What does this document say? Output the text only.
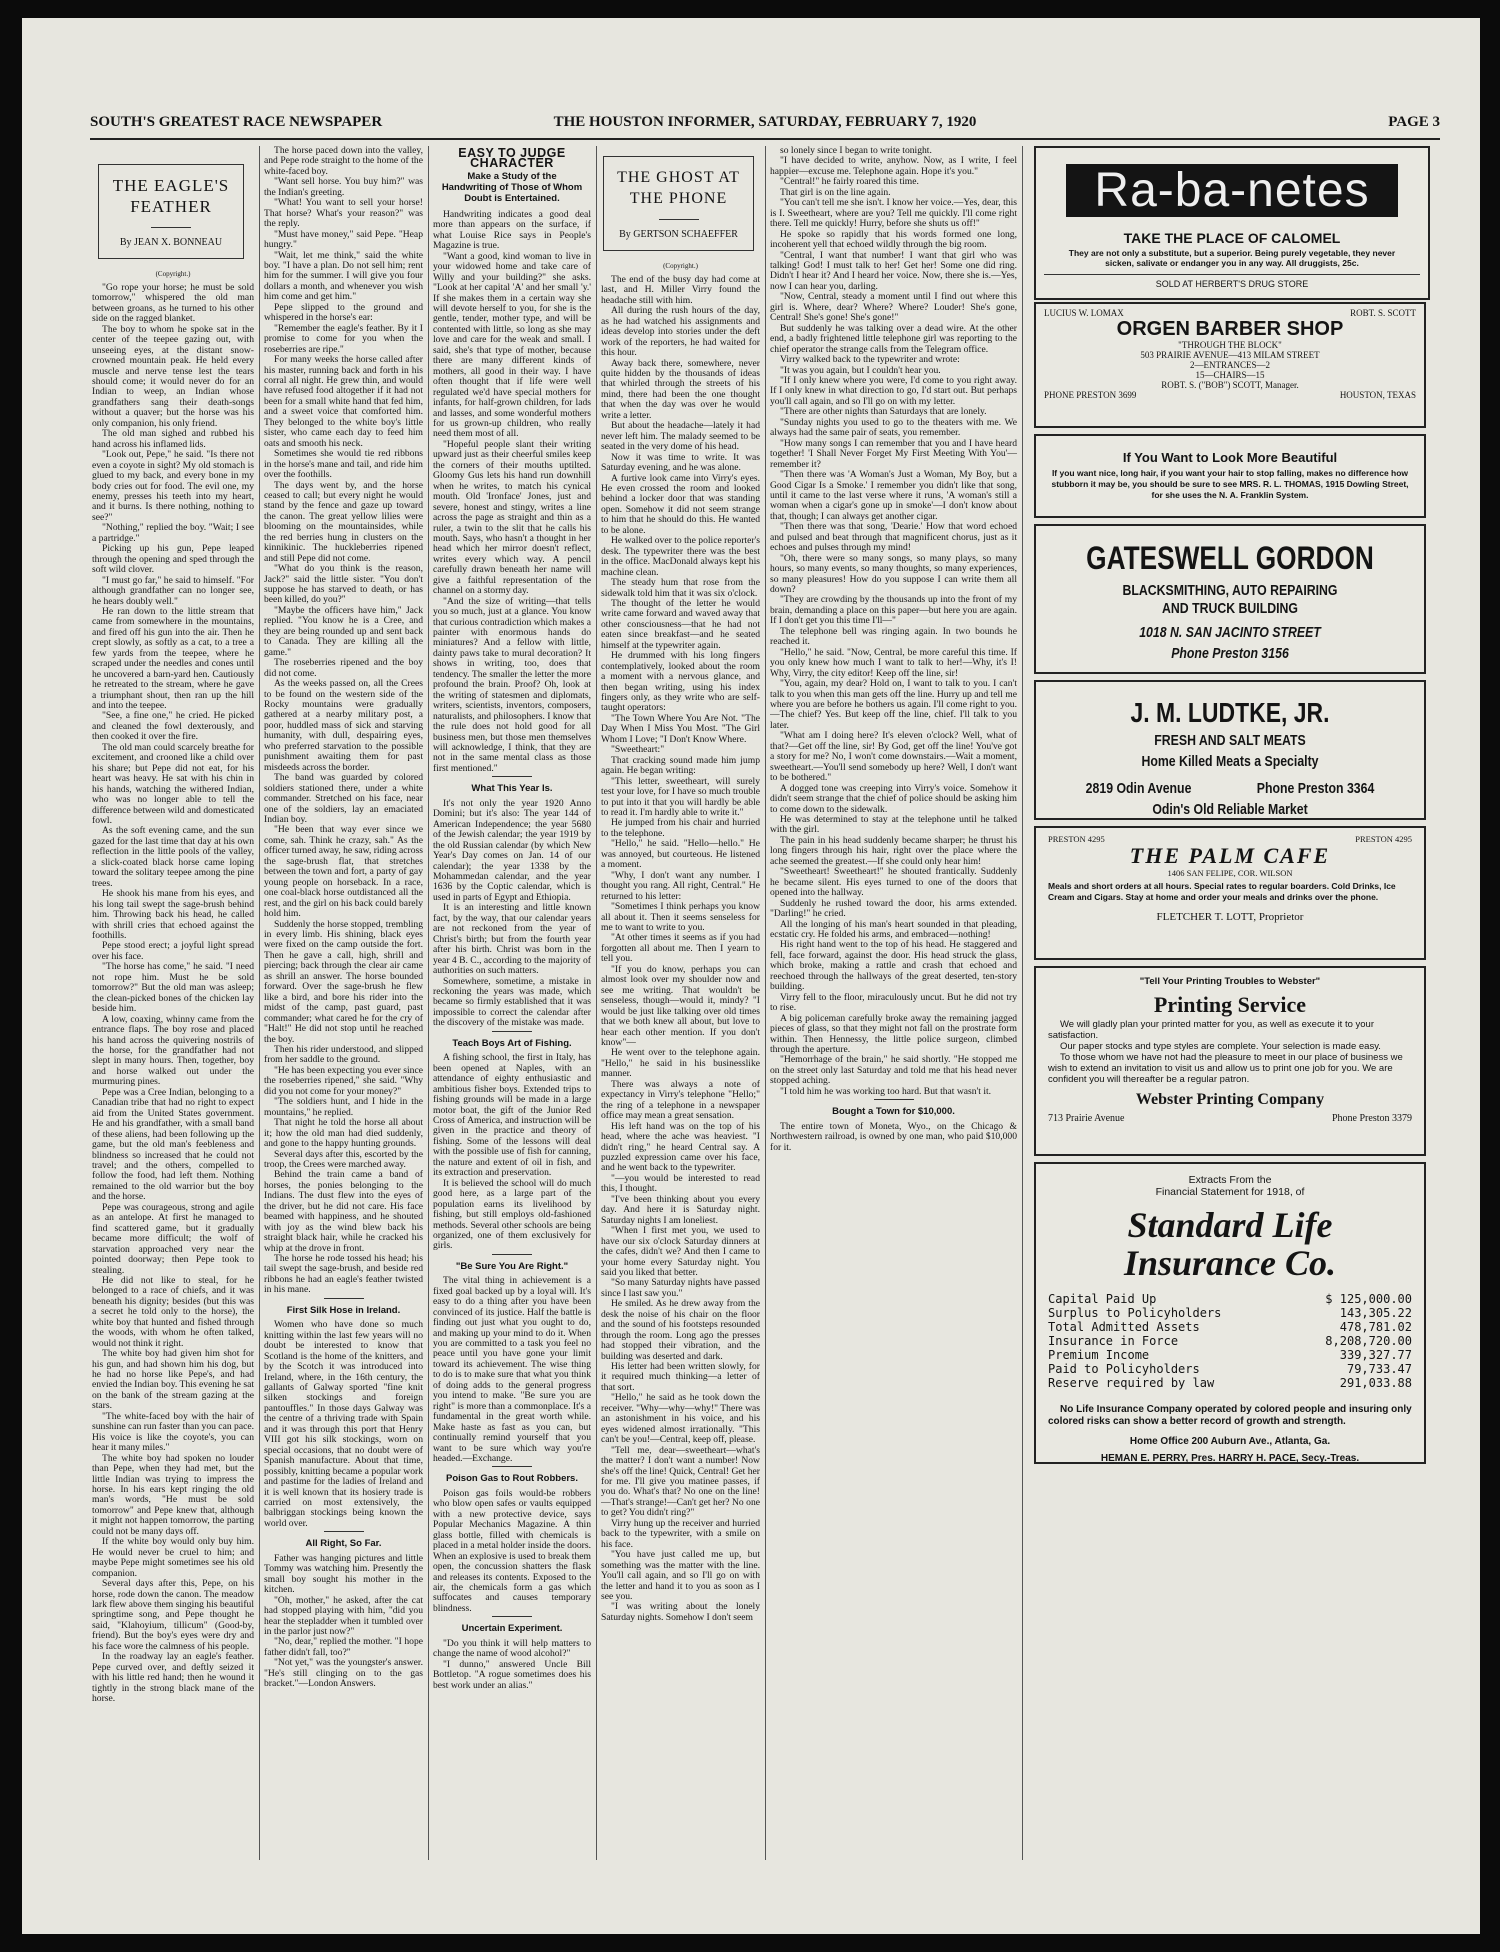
SOUTH'S GREATEST RACE NEWSPAPER	THE HOUSTON INFORMER, SATURDAY, FEBRUARY 7, 1920	PAGE 3
THE EAGLE'S FEATHER
By JEAN X. BONNEAU
(Copyright.)

"Go rope your horse; he must be sold tomorrow," whispered the old man between groans, as he turned to his other side on the ragged blanket.

The boy to whom he spoke sat in the center of the teepee gazing out, with unseeing eyes, at the distant snow-crowned mountain peak. He held every muscle and nerve tense lest the tears should come; it would never do for an Indian to weep, an Indian whose grandfathers sang their death-songs without a quaver; but the horse was his only companion, his only friend.

The old man sighed and rubbed his hand across his inflamed lids.

"Look out, Pepe," he said. "Is there not even a coyote in sight? My old stomach is glued to my back, and every bone in my body cries out for food. The evil one, my enemy, presses his teeth into my heart, and it burns. Is there nothing, nothing to see?"

"Nothing," replied the boy. "Wait; I see a partridge."

Picking up his gun, Pepe leaped through the opening and sped through the soft wild clover.

"I must go far," he said to himself. "For although grandfather can no longer see, he hears doubly well."

He ran down to the little stream that came from somewhere in the mountains, and fired off his gun into the air. Then he crept slowly, as softly as a cat, to a tree a few yards from the teepee, where he scraped under the needles and cones until he uncovered a barn-yard hen. Cautiously he retreated to the stream, where he gave a triumphant shout, then ran up the hill and into the teepee.

"See, a fine one," he cried. He picked and cleaned the fowl dexterously, and then cooked it over the fire.

The old man could scarcely breathe for excitement, and crooned like a child over his share; but Pepe did not eat, for his heart was heavy. He sat with his chin in his hands, watching the withered Indian, who was no longer able to tell the difference between wild and domesticated fowl.

As the soft evening came, and the sun gazed for the last time that day at his own reflection in the little pools of the valley, a slick-coated black horse came loping toward the solitary teepee among the pine trees.

He shook his mane from his eyes, and his long tail swept the sage-brush behind him. Throwing back his head, he called with shrill cries that echoed against the foothills.

Pepe stood erect; a joyful light spread over his face.

"The horse has come," he said. "I need not rope him. Must he be sold tomorrow?" But the old man was asleep; the clean-picked bones of the chicken lay beside him.

A low, coaxing, whinny came from the entrance flaps. The boy rose and placed his hand across the quivering nostrils of the horse, for the grandfather had not slept in many hours. Then, together, boy and horse walked out under the murmuring pines.

Pepe was a Cree Indian, belonging to a Canadian tribe that had no right to expect aid from the United States government. He and his grandfather, with a small band of these aliens, had been following up the game, but the old man's feebleness and blindness so increased that he could not travel; and the others, compelled to follow the food, had left them. Nothing remained to the old warrior but the boy and the horse.

Pepe was courageous, strong and agile as an antelope. At first he managed to find scattered game, but it gradually became more difficult; the wolf of starvation approached very near the pointed doorway; then Pepe took to stealing.

He did not like to steal, for he belonged to a race of chiefs, and it was beneath his dignity; besides (but this was a secret he told only to the horse), the white boy that hunted and fished through the woods, with whom he often talked, would not think it right.

The white boy had given him shot for his gun, and had shown him his dog, but he had no horse like Pepe's, and had envied the Indian boy. This evening he sat on the bank of the stream gazing at the stars.

"The white-faced boy with the hair of sunshine can run faster than you can pace. His voice is like the coyote's, you can hear it many miles."

The white boy had spoken no louder than Pepe, when they had met, but the little Indian was trying to impress the horse. In his ears kept ringing the old man's words, "He must be sold tomorrow" and Pepe knew that, although it might not happen tomorrow, the parting could not be many days off.

If the white boy would only buy him. He would never be cruel to him; and maybe Pepe might sometimes see his old companion.

Several days after this, Pepe, on his horse, rode down the canon. The meadow lark flew above them singing his beautiful springtime song, and Pepe thought he said, "Klahoyium, tillicum" (Good-by, friend). But the boy's eyes were dry and his face wore the calmness of his people.

In the roadway lay an eagle's feather. Pepe curved over, and deftly seized it with his little red hand; then he wound it tightly in the strong black mane of the horse.

The horse paced down into the valley, and Pepe rode straight to the home of the white-faced boy.

"Want sell horse. You buy him?" was the Indian's greeting.

"What! You want to sell your horse! That horse? What's your reason?" was the reply.

"Must have money," said Pepe. "Heap hungry."

"Wait, let me think," said the white boy. "I have a plan. Do not sell him; rent him for the summer. I will give you four dollars a month, and whenever you wish him come and get him."

Pepe slipped to the ground and whispered in the horse's ear:

"Remember the eagle's feather. By it I promise to come for you when the roseberries are ripe."

For many weeks the horse called after his master, running back and forth in his corral all night. He grew thin, and would have refused food altogether if it had not been for a small white hand that fed him, and a sweet voice that comforted him. They belonged to the white boy's little sister, who came each day to feed him oats and smooth his neck.

Sometimes she would tie red ribbons in the horse's mane and tail, and ride him over the foothills.

The days went by, and the horse ceased to call; but every night he would stand by the fence and gaze up toward the canon. The great yellow lilies were blooming on the mountainsides, while the red berries hung in clusters on the kinnikinic. The huckleberries ripened and still Pepe did not come.

"What do you think is the reason, Jack?" said the little sister. "You don't suppose he has starved to death, or has been killed, do you?"

"Maybe the officers have him," Jack replied. "You know he is a Cree, and they are being rounded up and sent back to Canada. They are killing all the game."

The roseberries ripened and the boy did not come.

As the weeks passed on, all the Crees to be found on the western side of the Rocky mountains were gradually gathered at a nearby military post, a poor, huddled mass of sick and starving humanity, with dull, despairing eyes, who preferred starvation to the possible punishment awaiting them for past misdeeds across the border.

The band was guarded by colored soldiers stationed there, under a white commander. Stretched on his face, near one of the soldiers, lay an emaciated Indian boy.

"He been that way ever since we come, sah. Think he crazy, sah." As the officer turned away, he saw, riding across the sage-brush flat, that stretches between the town and fort, a party of gay young people on horseback. In a race, one coal-black horse outdistanced all the rest, and the girl on his back could barely hold him.

Suddenly the horse stopped, trembling in every limb. His shining, black eyes were fixed on the camp outside the fort. Then he gave a call, high, shrill and piercing; back through the clear air came as shrill an answer. The horse bounded forward. Over the sage-brush he flew like a bird, and bore his rider into the midst of the camp, past guard, past commander; what cared he for the cry of "Halt!" He did not stop until he reached the boy.

Then his rider understood, and slipped from her saddle to the ground.

"He has been expecting you ever since the roseberries ripened," she said. "Why did you not come for your money?"

"The soldiers hunt, and I hide in the mountains," he replied.

That night he told the horse all about it; how the old man had died suddenly, and gone to the happy hunting grounds.

Several days after this, escorted by the troop, the Crees were marched away.

Behind the train came a band of horses, the ponies belonging to the Indians. The dust flew into the eyes of the driver, but he did not care. His face beamed with happiness, and he shouted with joy as the wind blew back his straight black hair, while he cracked his whip at the drove in front.

The horse he rode tossed his head; his tail swept the sage-brush, and beside red ribbons he had an eagle's feather twisted in his mane.

First Silk Hose in Ireland.

Women who have done so much knitting within the last few years will no doubt be interested to know that Scotland is the home of the knitters, and by the Scotch it was introduced into Ireland, where, in the 16th century, the gallants of Galway sported "fine knit silken stockings and foreign pantouffles." In those days Galway was the centre of a thriving trade with Spain and it was through this port that Henry VIII got his silk stockings, worn on special occasions, that no doubt were of Spanish manufacture. About that time, possibly, knitting became a popular work and pastime for the ladies of Ireland and it is well known that its hosiery trade is carried on most extensively, the balbriggan stockings being known the world over.

All Right, So Far.

Father was hanging pictures and little Tommy was watching him. Presently the small boy sought his mother in the kitchen.

"Oh, mother," he asked, after the cat had stopped playing with him, "did you hear the stepladder when it tumbled over in the parlor just now?"

"No, dear," replied the mother. "I hope father didn't fall, too?"

"Not yet," was the youngster's answer. "He's still clinging on to the gas bracket."—London Answers.

EASY TO JUDGE CHARACTER
Make a Study of the Handwriting of Those of Whom Doubt is Entertained.

Handwriting indicates a good deal more than appears on the surface, if what Louise Rice says in People's Magazine is true.

"Want a good, kind woman to live in your widowed home and take care of Willy and your building?" she asks. "Look at her capital 'A' and her small 'y.' If she makes them in a certain way she will devote herself to you, for she is the gentle, tender, mother type, and will be contented with little, so long as she may love and care for the weak and small. I said, she's that type of mother, because there are many different kinds of mothers, all good in their way. I have often thought that if life were well regulated we'd have special mothers for infants, for half-grown children, for lads and lasses, and some wonderful mothers for us grown-up children, who really need them most of all.

"Hopeful people slant their writing upward just as their cheerful smiles keep the corners of their mouths uptilted. Gloomy Gus lets his hand run downhill when he writes, to match his cynical mouth. Old 'Ironface' Jones, just and severe, honest and stingy, writes a line across the page as straight and thin as a ruler, a twin to the slit that he calls his mouth. Says, who hasn't a thought in her head which her mirror doesn't reflect, writes every which way. A pencil carefully drawn beneath her name will give a faithful representation of the channel on a stormy day.

"And the size of writing—that tells you so much, just at a glance. You know that curious contradiction which makes a painter with enormous hands do miniatures? And a fellow with little, dainty paws take to mural decoration? It shows in writing, too, does that tendency. The smaller the letter the more profound the brain. Proof? Oh, look at the writing of statesmen and diplomats, writers, scientists, inventors, composers, naturalists, and philosophers. I know that the rule does not hold good for all business men, but those men themselves will acknowledge, I think, that they are not in the same mental class as those first mentioned."

What This Year Is.

It's not only the year 1920 Anno Domini; but it's also: The year 144 of American Independence; the year 5680 of the Jewish calendar; the year 1919 by the old Russian calendar (by which New Year's Day comes on Jan. 14 of our calendar); the year 1338 by the Mohammedan calendar, and the year 1636 by the Coptic calendar, which is used in parts of Egypt and Ethiopia.

It is an interesting and little known fact, by the way, that our calendar years are not reckoned from the year of Christ's birth; but from the fourth year after his birth. Christ was born in the year 4 B. C., according to the majority of authorities on such matters.

Somewhere, sometime, a mistake in reckoning the years was made, which became so firmly established that it was impossible to correct the calendar after the discovery of the mistake was made.

Teach Boys Art of Fishing.

A fishing school, the first in Italy, has been opened at Naples, with an attendance of eighty enthusiastic and ambitious fisher boys. Extended trips to fishing grounds will be made in a large motor boat, the gift of the Junior Red Cross of America, and instruction will be given in the practice and theory of fishing. Some of the lessons will deal with the possible use of fish for canning, the nature and extent of oil in fish, and its extraction and preservation.

It is believed the school will do much good here, as a large part of the population earns its livelihood by fishing, but still employs old-fashioned methods. Several other schools are being organized, one of them exclusively for girls.

"Be Sure You Are Right."

The vital thing in achievement is a fixed goal backed up by a loyal will. It's easy to do a thing after you have been convinced of its justice. Half the battle is finding out just what you ought to do, and making up your mind to do it. When you are committed to a task you feel no peace until you have gone your limit toward its achievement. The wise thing to do is to make sure that what you think of doing adds to the general progress you intend to make. "Be sure you are right" is more than a commonplace. It's a fundamental in the great worth while. Make haste as fast as you can, but continually remind yourself that you want to be sure which way you're headed.—Exchange.

Poison Gas to Rout Robbers.

Poison gas foils would-be robbers who blow open safes or vaults equipped with a new protective device, says Popular Mechanics Magazine. A thin glass bottle, filled with chemicals is placed in a metal holder inside the doors. When an explosive is used to break them open, the concussion shatters the flask and releases its contents. Exposed to the air, the chemicals form a gas which suffocates and causes temporary blindness.

Uncertain Experiment.

"Do you think it will help matters to change the name of wood alcohol?"

"I dunno," answered Uncle Bill Bottletop. "A rogue sometimes does his best work under an alias."

THE GHOST AT THE PHONE
By GERTSON SCHAEFFER
(Copyright.)

The end of the busy day had come at last, and H. Miller Virry found the headache still with him.

All during the rush hours of the day, as he had watched his assignments and ideas develop into stories under the deft work of the reporters, he had waited for this hour.

Away back there, somewhere, never quite hidden by the thousands of ideas that whirled through the streets of his mind, there had been the one thought that when the day was over he would write a letter.

But about the headache—lately it had never left him. The malady seemed to be seated in the very dome of his head.

Now it was time to write. It was Saturday evening, and he was alone.

A furtive look came into Virry's eyes. He even crossed the room and looked behind a locker door that was standing open. Somehow it did not seem strange to him that he should do this. He wanted to be alone.

He walked over to the police reporter's desk. The typewriter there was the best in the office. MacDonald always kept his machine clean.

The steady hum that rose from the sidewalk told him that it was six o'clock.

The thought of the letter he would write came forward and waved away that other consciousness—that he had not eaten since breakfast—and he seated himself at the typewriter again.

He drummed with his long fingers contemplatively, looked about the room a moment with a nervous glance, and then began writing, using his index fingers only, as they write who are self-taught operators:

"The Town Where You Are Not. "The Day When I Miss You Most. "The Girl Whom I Love; "I Don't Know Where.

"Sweetheart:"

That cracking sound made him jump again. He began writing:

"This letter, sweetheart, will surely test your love, for I have so much trouble to put into it that you will hardly be able to read it. I'm hardly able to write it."

He jumped from his chair and hurried to the telephone.

"Hello," he said. "Hello—hello." He was annoyed, but courteous. He listened a moment.

"Why, I don't want any number. I thought you rang. All right, Central." He returned to his letter:

"Sometimes I think perhaps you know all about it. Then it seems senseless for me to want to write to you.

"At other times it seems as if you had forgotten all about me. Then I yearn to tell you.

"If you do know, perhaps you can almost look over my shoulder now and see me writing. That wouldn't be senseless, though—would it, mindy? "I would be just like talking over old times that we both knew all about, but love to hear each other mention. If you don't know"—

He went over to the telephone again. "Hello," he said in his businesslike manner.

There was always a note of expectancy in Virry's telephone "Hello;" the ring of a telephone in a newspaper office may mean a great sensation.

His left hand was on the top of his head, where the ache was heaviest. "I didn't ring," he heard Central say. A puzzled expression came over his face, and he went back to the typewriter.

"—you would be interested to read this, I thought.

"I've been thinking about you every day. And here it is Saturday night. Saturday nights I am loneliest.

"When I first met you, we used to have our six o'clock Saturday dinners at the cafes, didn't we? And then I came to your home every Saturday night. You said you liked that better.

"So many Saturday nights have passed since I last saw you."

He smiled. As he drew away from the desk the noise of his chair on the floor and the sound of his footsteps resounded through the room. Long ago the presses had stopped their vibration, and the building was deserted and dark.

His letter had been written slowly, for it required much thinking—a letter of that sort.

"Hello," he said as he took down the receiver. "Why—why—why!" There was an astonishment in his voice, and his eyes widened almost irrationally. "This can't be you!—Central, keep off, please.

"Tell me, dear—sweetheart—what's the matter? I don't want a number! Now she's off the line! Quick, Central! Get her for me. I'll give you matinee passes, if you do. What's that? No one on the line!—That's strange!—Can't get her? No one to get? You didn't ring?"

Virry hung up the receiver and hurried back to the typewriter, with a smile on his face.

"You have just called me up, but something was the matter with the line. You'll call again, and so I'll go on with the letter and hand it to you as soon as I see you.

"I was writing about the lonely Saturday nights. Somehow I don't seem

so lonely since I began to write tonight.

"I have decided to write, anyhow. Now, as I write, I feel happier—excuse me. Telephone again. Hope it's you."

"Central!" he fairly roared this time.

That girl is on the line again.

"You can't tell me she isn't. I know her voice.—Yes, dear, this is I. Sweetheart, where are you? Tell me quickly. I'll come right there. Tell me quickly! Hurry, before she shuts us off!"

He spoke so rapidly that his words formed one long, incoherent yell that echoed wildly through the big room.

"Central, I want that number! I want that girl who was talking! God! I must talk to her! Get her! Some one did ring. Didn't I hear it? And I heard her voice. Now, there she is.—Yes, now I can hear you, darling.

"Now, Central, steady a moment until I find out where this girl is. Where, dear? Where? Where? Louder! She's gone, Central! She's gone! She's gone!"

But suddenly he was talking over a dead wire. At the other end, a badly frightened little telephone girl was reporting to the chief operator the strange calls from the Telegram office.

Virry walked back to the typewriter and wrote:

"It was you again, but I couldn't hear you.

"If I only knew where you were, I'd come to you right away. If I only knew in what direction to go, I'd start out. But perhaps you'll call again, and so I'll go on with my letter.

"There are other nights than Saturdays that are lonely.

"Sunday nights you used to go to the theaters with me. We always had the same pair of seats, you remember.

"How many songs I can remember that you and I have heard together! 'I Shall Never Forget My First Meeting With You'—remember it?

"Then there was 'A Woman's Just a Woman, My Boy, but a Good Cigar Is a Smoke.' I remember you didn't like that song, until it came to the last verse where it runs, 'A woman's still a woman when a cigar's gone up in smoke'—I don't know about that, though; I can always get another cigar.

"Then there was that song, 'Dearie.' How that word echoed and pulsed and beat through that magnificent chorus, just as it echoes and pulses through my mind!

"Oh, there were so many songs, so many plays, so many hours, so many events, so many thoughts, so many experiences, so many pleasures! How do you suppose I can write them all down?

"They are crowding by the thousands up into the front of my brain, demanding a place on this paper—but here you are again. If I don't get you this time I'll—"

The telephone bell was ringing again. In two bounds he reached it.

"Hello," he said. "Now, Central, be more careful this time. If you only knew how much I want to talk to her!—Why, it's I! Why, Virry, the city editor! Keep off the line, sir!

"You, again, my dear? Hold on, I want to talk to you. I can't talk to you when this man gets off the line. Hurry up and tell me where you are before he bothers us again. I'll come right to you.—The chief? Yes. But keep off the line, chief. I'll talk to you later.

"What am I doing here? It's eleven o'clock? Well, what of that?—Get off the line, sir! By God, get off the line! You've got a story for me? No, I won't come downstairs.—Wait a moment, sweetheart.—You'll send somebody up here? Well, I don't want to be bothered."

A dogged tone was creeping into Virry's voice. Somehow it didn't seem strange that the chief of police should be asking him to come down to the sidewalk.

He was determined to stay at the telephone until he talked with the girl.

The pain in his head suddenly became sharper; he thrust his long fingers through his hair, right over the place where the ache seemed the greatest.—If she could only hear him!

"Sweetheart! Sweetheart!" he shouted frantically. Suddenly he became silent. His eyes turned to one of the doors that opened into the hallway.

Suddenly he rushed toward the door, his arms extended. "Darling!" he cried.

All the longing of his man's heart sounded in that pleading, ecstatic cry. He folded his arms, and embraced—nothing!

His right hand went to the top of his head. He staggered and fell, face forward, against the door. His head struck the glass, which broke, making a rattle and crash that echoed and reechoed through the hallways of the great deserted, ten-story building.

Virry fell to the floor, miraculously uncut. But he did not try to rise.

A big policeman carefully broke away the remaining jagged pieces of glass, so that they might not fall on the prostrate form within. Then Hennessy, the little police surgeon, climbed through the aperture.

"Hemorrhage of the brain," he said shortly. "He stopped me on the street only last Saturday and told me that his head never stopped aching.

"I told him he was working too hard. But that wasn't it.

Bought a Town for $10,000.

The entire town of Moneta, Wyo., on the Chicago & Northwestern railroad, is owned by one man, who paid $10,000 for it.

Ra-ba-netes
TAKE THE PLACE OF CALOMEL
They are not only a substitute, but a superior. Being purely vegetable, they never sicken, salivate or endanger you in any way. All druggists, 25c.
SOLD AT HERBERT'S DRUG STORE
LUCIUS W. LOMAX	ROBT. S. SCOTT
ORGEN BARBER SHOP
"THROUGH THE BLOCK"
503 PRAIRIE AVENUE—413 MILAM STREET
2—ENTRANCES—2
15—CHAIRS—15
ROBT. S. ("BOB") SCOTT, Manager.
PHONE PRESTON 3699	HOUSTON, TEXAS
If You Want to Look More Beautiful
If you want nice, long hair, if you want your hair to stop falling, makes no difference how stubborn it may be, you should be sure to see MRS. R. L. THOMAS, 1915 Dowling Street, for she uses the N. A. Franklin System.
GATESWELL GORDON
BLACKSMITHING, AUTO REPAIRING
AND TRUCK BUILDING
1018 N. SAN JACINTO STREET
Phone Preston 3156
J. M. LUDTKE, JR.
FRESH AND SALT MEATS
Home Killed Meats a Specialty
2819 Odin Avenue	Phone Preston 3364
Odin's Old Reliable Market
PRESTON 4295	PRESTON 4295
THE PALM CAFE
1406 SAN FELIPE, COR. WILSON
Meals and short orders at all hours. Special rates to regular boarders. Cold Drinks, Ice Cream and Cigars. Stay at home and order your meals and drinks over the phone.
FLETCHER T. LOTT, Proprietor
"Tell Your Printing Troubles to Webster"
Printing Service
We will gladly plan your printed matter for you, as well as execute it to your satisfaction.
Our paper stocks and type styles are complete. Your selection is made easy.
To those whom we have not had the pleasure to meet in our place of business we wish to extend an invitation to visit us and allow us to print one job for you. We are confident you will thereafter be a regular patron.
Webster Printing Company
713 Prairie Avenue	Phone Preston 3379
Extracts From the
Financial Statement for 1918, of
Standard Life
Insurance Co.
Capital Paid Up	$ 125,000.00
Surplus to Policyholders	143,305.22
Total Admitted Assets	478,781.02
Insurance in Force	8,208,720.00
Premium Income	339,327.77
Paid to Policyholders	79,733.47
Reserve required by law	291,033.88
No Life Insurance Company operated by colored people and insuring only colored risks can show a better record of growth and strength.
Home Office 200 Auburn Ave., Atlanta, Ga.
HEMAN E. PERRY, Pres. HARRY H. PACE, Secy.-Treas.
